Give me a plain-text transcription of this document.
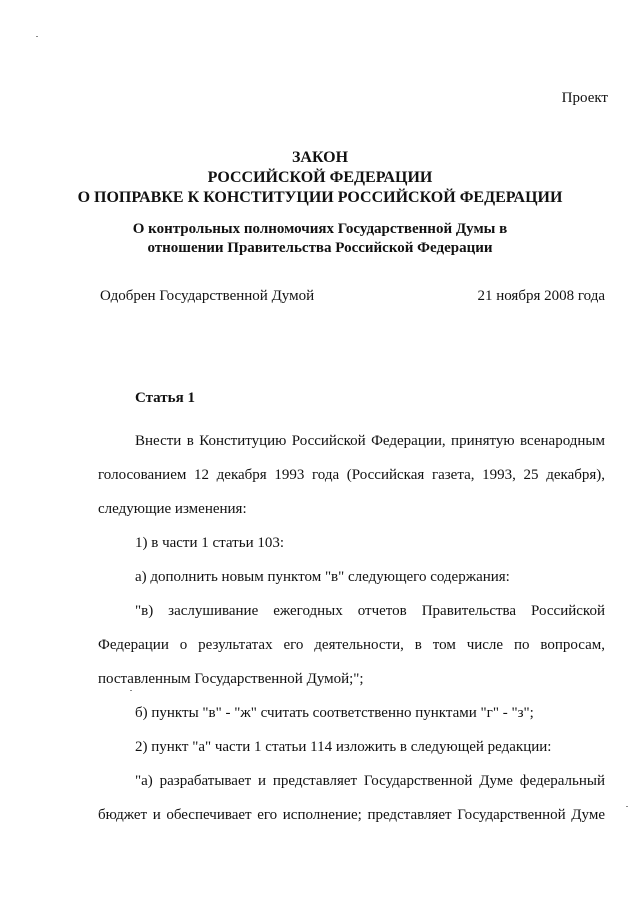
Проект
ЗАКОН
РОССИЙСКОЙ ФЕДЕРАЦИИ
О ПОПРАВКЕ К КОНСТИТУЦИИ РОССИЙСКОЙ ФЕДЕРАЦИИ
О контрольных полномочиях Государственной Думы в
отношении Правительства Российской Федерации
Одобрен Государственной Думой	21 ноября 2008 года
Статья 1

Внести в Конституцию Российской Федерации, принятую всенародным

голосованием 12 декабря 1993 года (Российская газета, 1993, 25 декабря),

следующие изменения:

1) в части 1 статьи 103:

а) дополнить новым пунктом "в" следующего содержания:

"в) заслушивание ежегодных отчетов Правительства Российской

Федерации о результатах его деятельности, в том числе по вопросам,

поставленным Государственной Думой;";

б) пункты "в" - "ж" считать соответственно пунктами "г" - "з";

2) пункт "а" части 1 статьи 114 изложить в следующей редакции:

"а) разрабатывает и представляет Государственной Думе федеральный

бюджет и обеспечивает его исполнение; представляет Государственной Думе
